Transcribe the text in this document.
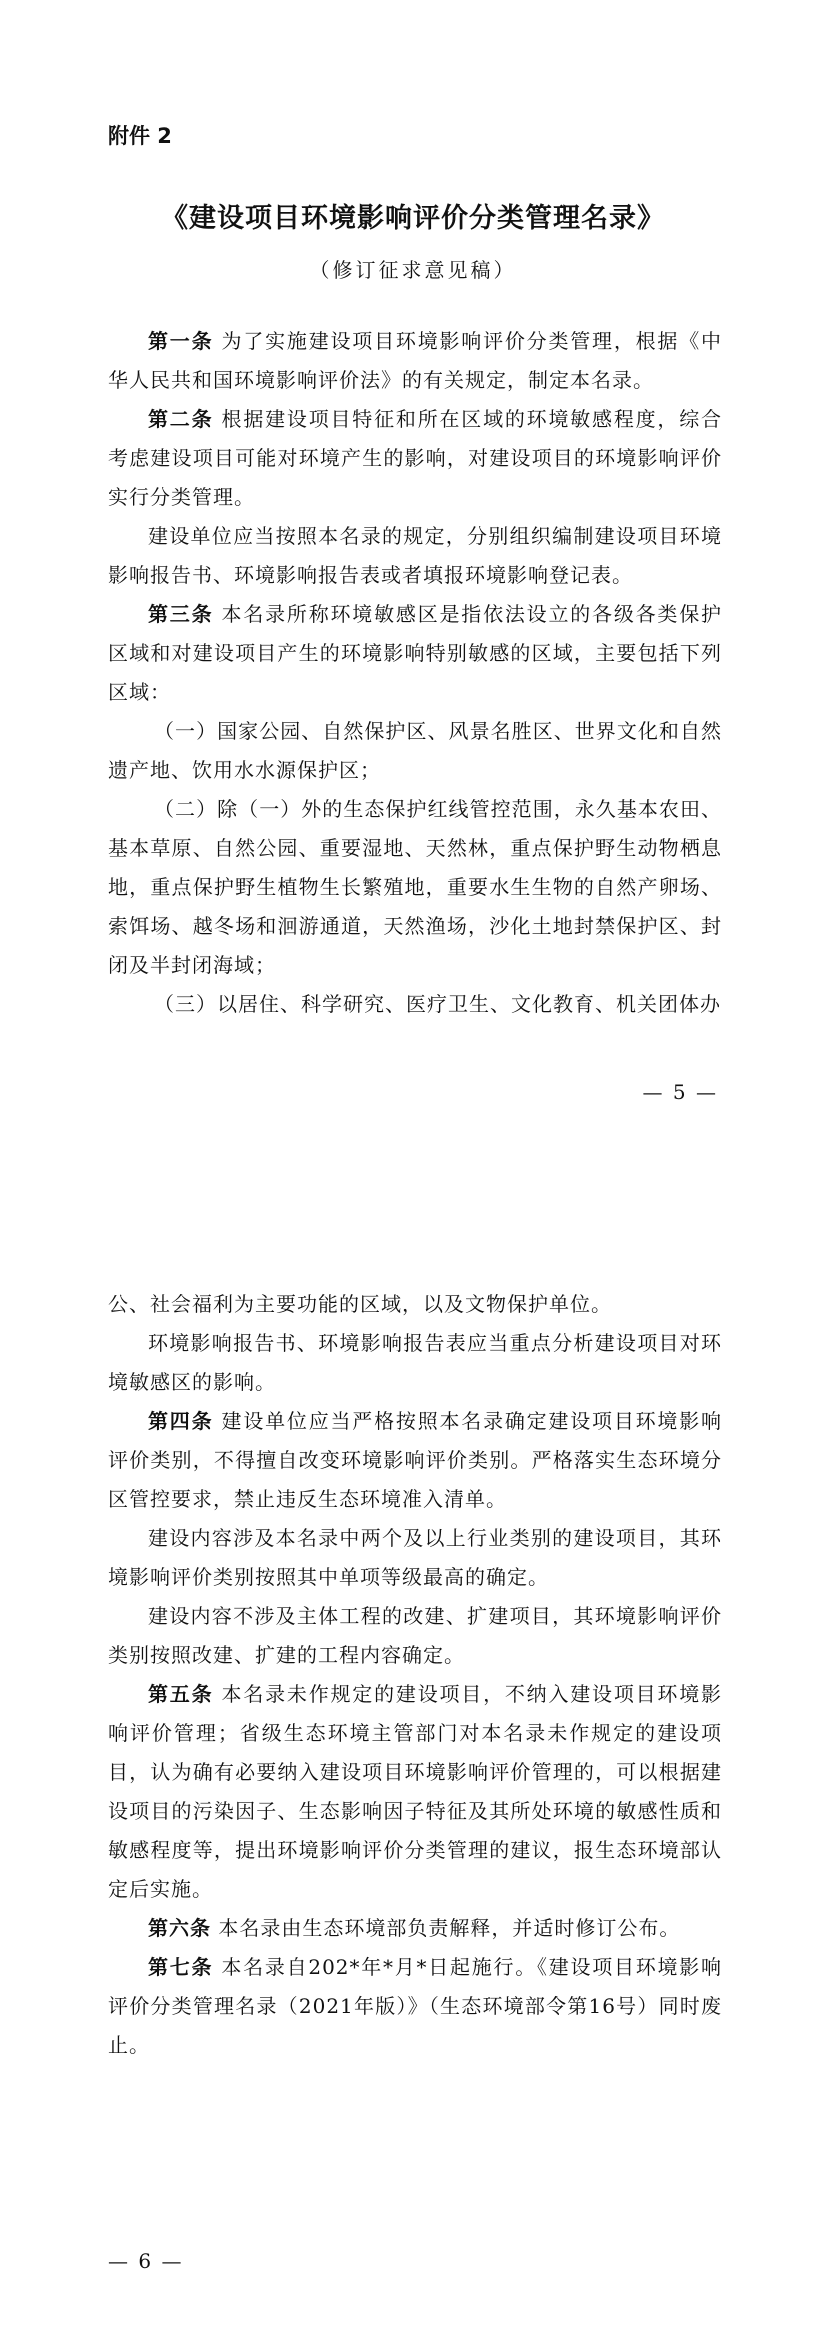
附件 2
《建设项目环境影响评价分类管理名录》
（修订征求意见稿）

第一条 为了实施建设项目环境影响评价分类管理，根据《中华人民共和国环境影响评价法》的有关规定，制定本名录。

第二条 根据建设项目特征和所在区域的环境敏感程度，综合考虑建设项目可能对环境产生的影响，对建设项目的环境影响评价实行分类管理。

建设单位应当按照本名录的规定，分别组织编制建设项目环境影响报告书、环境影响报告表或者填报环境影响登记表。

第三条 本名录所称环境敏感区是指依法设立的各级各类保护区域和对建设项目产生的环境影响特别敏感的区域，主要包括下列区域：

（一）国家公园、自然保护区、风景名胜区、世界文化和自然遗产地、饮用水水源保护区；

（二）除（一）外的生态保护红线管控范围，永久基本农田、基本草原、自然公园、重要湿地、天然林，重点保护野生动物栖息地，重点保护野生植物生长繁殖地，重要水生生物的自然产卵场、索饵场、越冬场和洄游通道，天然渔场，沙化土地封禁保护区、封闭及半封闭海域；

（三）以居住、科学研究、医疗卫生、文化教育、机关团体办

— 5 —

公、社会福利为主要功能的区域，以及文物保护单位。

环境影响报告书、环境影响报告表应当重点分析建设项目对环境敏感区的影响。

第四条 建设单位应当严格按照本名录确定建设项目环境影响评价类别，不得擅自改变环境影响评价类别。严格落实生态环境分区管控要求，禁止违反生态环境准入清单。

建设内容涉及本名录中两个及以上行业类别的建设项目，其环境影响评价类别按照其中单项等级最高的确定。

建设内容不涉及主体工程的改建、扩建项目，其环境影响评价类别按照改建、扩建的工程内容确定。

第五条 本名录未作规定的建设项目，不纳入建设项目环境影响评价管理；省级生态环境主管部门对本名录未作规定的建设项目，认为确有必要纳入建设项目环境影响评价管理的，可以根据建设项目的污染因子、生态影响因子特征及其所处环境的敏感性质和敏感程度等，提出环境影响评价分类管理的建议，报生态环境部认定后实施。

第六条 本名录由生态环境部负责解释，并适时修订公布。

第七条 本名录自202*年*月*日起施行。《建设项目环境影响评价分类管理名录（2021年版）》（生态环境部令第16号）同时废止。

— 6 —
